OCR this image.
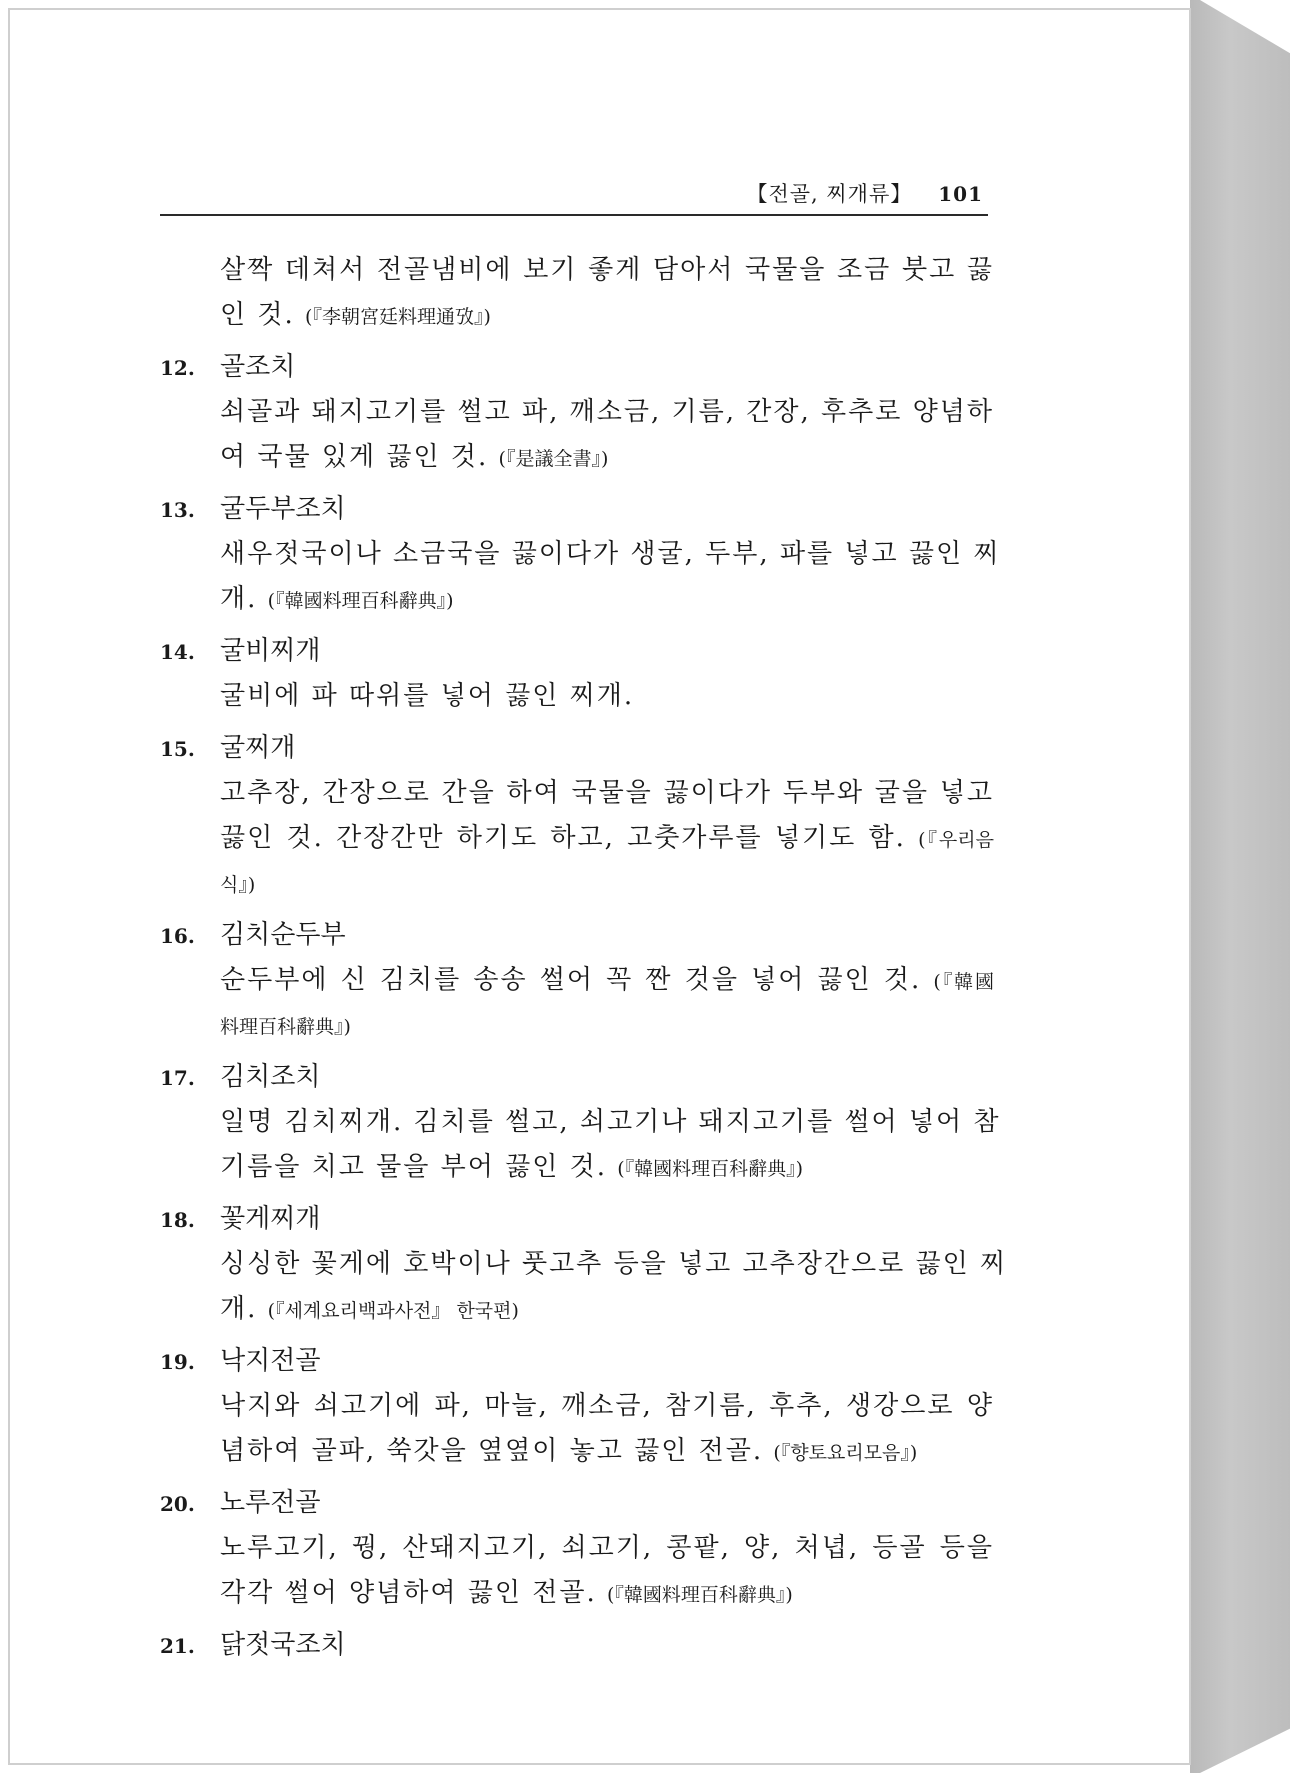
【전골, 찌개류】 101
살짝 데쳐서 전골냄비에 보기 좋게 담아서 국물을 조금 붓고 끓
인 것. (『李朝宮廷料理通攷』)
12. 골조치
쇠골과 돼지고기를 썰고 파, 깨소금, 기름, 간장, 후추로 양념하
여 국물 있게 끓인 것. (『是議全書』)
13. 굴두부조치
새우젓국이나 소금국을 끓이다가 생굴, 두부, 파를 넣고 끓인 찌
개. (『韓國料理百科辭典』)
14. 굴비찌개
굴비에 파 따위를 넣어 끓인 찌개.
15. 굴찌개
고추장, 간장으로 간을 하여 국물을 끓이다가 두부와 굴을 넣고
끓인 것. 간장간만 하기도 하고, 고춧가루를 넣기도 함. (『우리음
식』)
16. 김치순두부
순두부에 신 김치를 송송 썰어 꼭 짠 것을 넣어 끓인 것. (『韓國
料理百科辭典』)
17. 김치조치
일명 김치찌개. 김치를 썰고, 쇠고기나 돼지고기를 썰어 넣어 참
기름을 치고 물을 부어 끓인 것. (『韓國料理百科辭典』)
18. 꽃게찌개
싱싱한 꽃게에 호박이나 풋고추 등을 넣고 고추장간으로 끓인 찌
개. (『세계요리백과사전』 한국편)
19. 낙지전골
낙지와 쇠고기에 파, 마늘, 깨소금, 참기름, 후추, 생강으로 양
념하여 골파, 쑥갓을 옆옆이 놓고 끓인 전골. (『향토요리모음』)
20. 노루전골
노루고기, 꿩, 산돼지고기, 쇠고기, 콩팥, 양, 처녑, 등골 등을
각각 썰어 양념하여 끓인 전골. (『韓國料理百科辭典』)
21. 닭젓국조치
